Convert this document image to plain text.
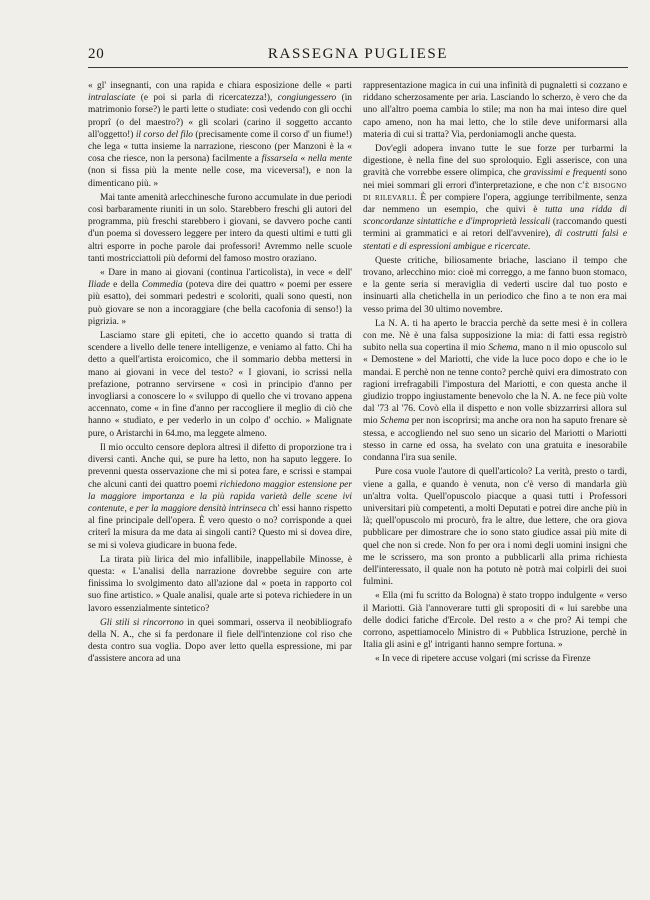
20	RASSEGNA PUGLIESE

« gl' insegnanti, con una rapida e chiara esposizione delle « parti intralasciate (e poi si parla di ricercatezza!), congiungessero (in matrimonio forse?) le parti lette o studiate: così vedendo con gli occhi proprî (o del maestro?) « gli scolari (carino il soggetto accanto all'oggetto!) il corso del filo (precisamente come il corso d' un fiume!) che lega « tutta insieme la narrazione, riescono (per Manzoni è la « cosa che riesce, non la persona) facilmente a fissarsela « nella mente (non si fissa più la mente nelle cose, ma viceversa!), e non la dimenticano più. »

Mai tante amenità arlecchinesche furono accumulate in due periodi così barbaramente riuniti in un solo. Starebbero freschi gli autori del programma, più freschi starebbero i giovani, se davvero poche canti d'un poema si dovessero leggere per intero da questi ultimi e tutti gli altri esporre in poche parole dai professori! Avremmo nelle scuole tanti mostricciattoli più deformi del famoso mostro oraziano.

« Dare in mano ai giovani (continua l'articolista), in vece « dell' Iliade e della Commedia (poteva dire dei quattro « poemi per essere più esatto), dei sommari pedestri e scoloriti, quali sono questi, non può giovare se non a incoraggiare (che bella cacofonia di senso!) la pigrizia. »

Lasciamo stare gli epiteti, che io accetto quando si tratta di scendere a livello delle tenere intelligenze, e veniamo al fatto. Chi ha detto a quell'artista eroicomico, che il sommario debba mettersi in mano ai giovani in vece del testo? « I giovani, io scrissi nella prefazione, potranno servirsene « così in principio d'anno per invogliarsi a conoscere lo « sviluppo di quello che vi trovano appena accennato, come « in fine d'anno per raccogliere il meglio di ciò che hanno « studiato, e per vederlo in un colpo d' occhio. » Malignate pure, o Aristarchi in 64.mo, ma leggete almeno.

Il mio occulto censore deplora altresì il difetto di proporzione tra i diversi canti. Anche qui, se pure ha letto, non ha saputo leggere. Io prevenni questa osservazione che mi si potea fare, e scrissi e stampai che alcuni canti dei quattro poemi richiedono maggior estensione per la maggiore importanza e la più rapida varietà delle scene ivi contenute, e per la maggiore densità intrinseca ch' essi hanno rispetto al fine principale dell'opera. È vero questo o no? corrisponde a quei criterî la misura da me data ai singoli canti? Questo mi si dovea dire, se mi si voleva giudicare in buona fede.

La tirata più lirica del mio infallibile, inappellabile Minosse, è questa: « L'analisi della narrazione dovrebbe seguire con arte finissima lo svolgimento dato all'azione dal « poeta in rapporto col suo fine artistico. » Quale analisi, quale arte si poteva richiedere in un lavoro essenzialmente sintetico?

Gli stili si rincorrono in quei sommari, osserva il neobibliografo della N. A., che si fa perdonare il fiele dell'intenzione col riso che desta contro sua voglia. Dopo aver letto quella espressione, mi par d'assistere ancora ad una

rappresentazione magica in cui una infinità di pugnaletti si cozzano e riddano scherzosamente per aria. Lasciando lo scherzo, è vero che da uno all'altro poema cambia lo stile; ma non ha mai inteso dire quel capo ameno, non ha mai letto, che lo stile deve uniformarsi alla materia di cui si tratta? Via, perdoniamogli anche questa.

Dov'egli adopera invano tutte le sue forze per turbarmi la digestione, è nella fine del suo sproloquio. Egli asserisce, con una gravità che vorrebbe essere olimpica, che gravissimi e frequenti sono nei miei sommari gli errori d'interpretazione, e che non c'è bisogno di rilevarli. È per compiere l'opera, aggiunge terribilmente, senza dar nemmeno un esempio, che quivi è tutta una ridda di sconcordanze sintattiche e d'improprietà lessicali (raccomando questi termini ai grammatici e ai retori dell'avvenire), di costrutti falsi e stentati e di espressioni ambigue e ricercate.

Queste critiche, biliosamente briache, lasciano il tempo che trovano, arlecchino mio: cioè mi correggo, a me fanno buon stomaco, e la gente seria si meraviglia di vederti uscire dal tuo posto e insinuarti alla chetichella in un periodico che fino a te non era mai vesso prima del 30 ultimo novembre.

La N. A. ti ha aperto le braccia perchè da sette mesi è in collera con me. Nè è una falsa supposizione la mia: di fatti essa registrò subito nella sua copertina il mio Schema, mano n il mio opuscolo sul « Demostene » del Mariotti, che vide la luce poco dopo e che io le mandai. E perchè non ne tenne conto? perchè quivi era dimostrato con ragioni irrefragabili l'impostura del Mariotti, e con questa anche il giudizio troppo ingiustamente benevolo che la N. A. ne fece più volte dal '73 al '76. Covò ella il dispetto e non volle sbizzarrirsi allora sul mio Schema per non iscoprirsi; ma anche ora non ha saputo frenare sè stessa, e accogliendo nel suo seno un sicario del Mariotti o Mariotti stesso in carne ed ossa, ha svelato con una gratuita e inesorabile condanna l'ira sua senile.

Pure cosa vuole l'autore di quell'articolo? La verità, presto o tardi, viene a galla, e quando è venuta, non c'è verso di mandarla giù un'altra volta. Quell'opuscolo piacque a quasi tutti i Professori universitari più competenti, a molti Deputati e potrei dire anche più in là; quell'opuscolo mi procurò, fra le altre, due lettere, che ora giova pubblicare per dimostrare che io sono stato giudice assai più mite di quel che non si crede. Non fo per ora i nomi degli uomini insigni che me le scrissero, ma son pronto a pubblicarli alla prima richiesta dell'interessato, il quale non ha potuto nè potrà mai colpirli dei suoi fulmini.

« Ella (mi fu scritto da Bologna) è stato troppo indulgente « verso il Mariotti. Già l'annoverare tutti gli spropositi di « lui sarebbe una delle dodici fatiche d'Ercole. Del resto a « che pro? Ai tempi che corrono, aspettiamocelo Ministro di « Pubblica Istruzione, perchè in Italia gli asini e gl' intriganti hanno sempre fortuna. »

« In vece di ripetere accuse volgari (mi scrisse da Firenze
